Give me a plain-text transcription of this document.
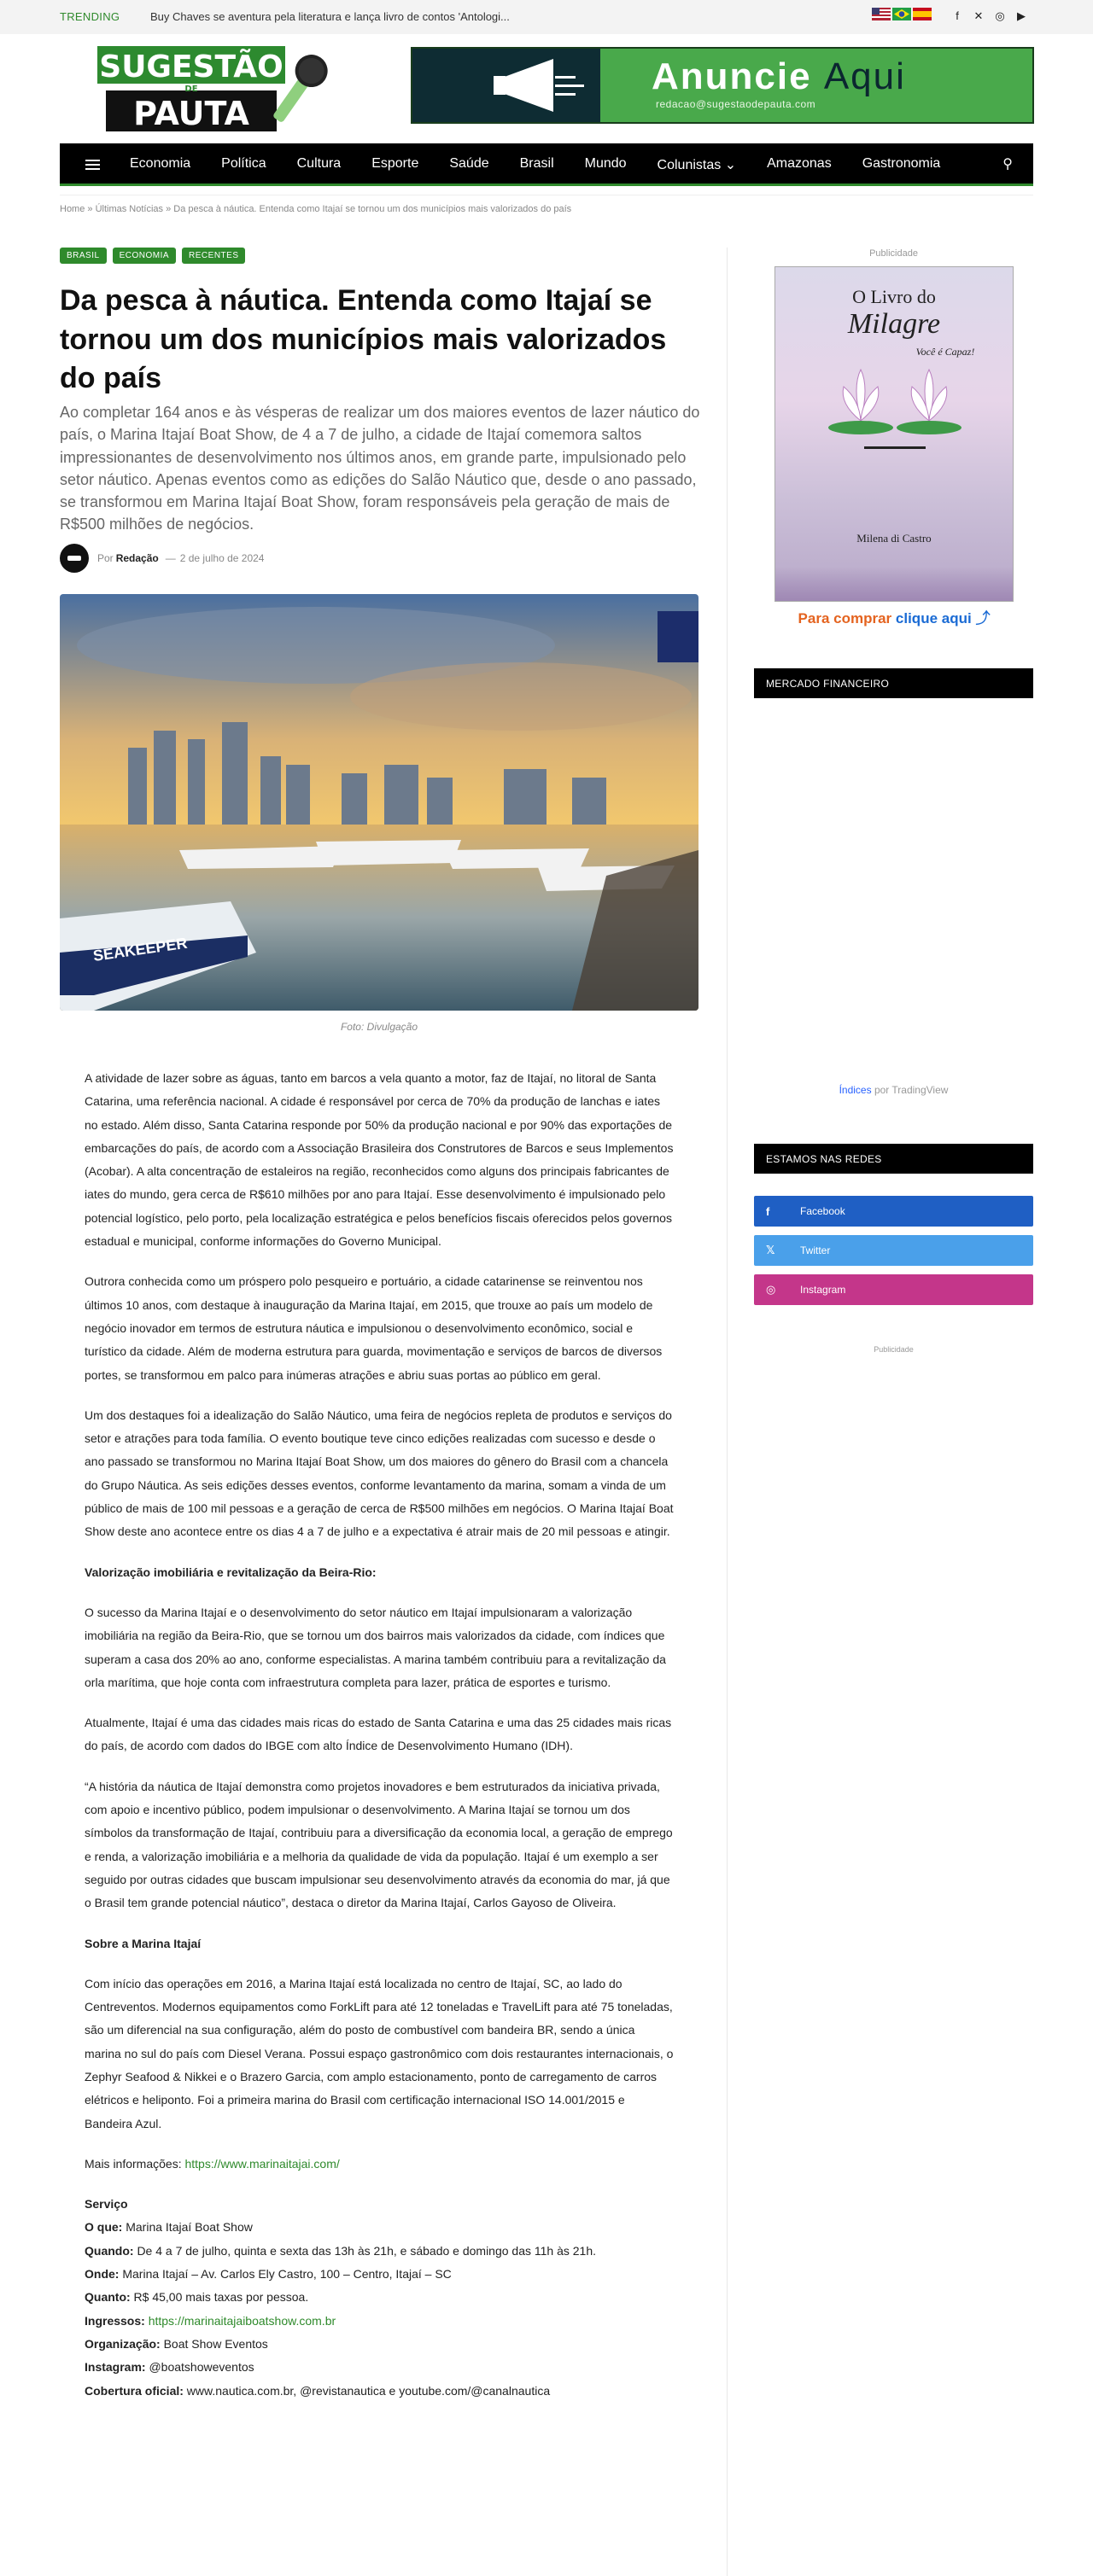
TRENDING	Buy Chaves se aventura pela literatura e lança livro de contos 'Antologi...	f	✕ ◎ ▶
SUGESTÃO
DE
PAUTA
Anuncie Aqui
redacao@sugestaodepauta.com
Economia Política Cultura Esporte Saúde Brasil Mundo Colunistas ⌄ Amazonas Gastronomia	⚲
Home » Últimas Notícias » Da pesca à náutica. Entenda como Itajaí se tornou um dos municípios mais valorizados do país
BRASIL	ECONOMIA	RECENTES
Da pesca à náutica. Entenda como Itajaí se tornou um dos municípios mais valorizados do país
Ao completar 164 anos e às vésperas de realizar um dos maiores eventos de lazer náutico do país, o Marina Itajaí Boat Show, de 4 a 7 de julho, a cidade de Itajaí comemora saltos impressionantes de desenvolvimento nos últimos anos, em grande parte, impulsionado pelo setor náutico. Apenas eventos como as edições do Salão Náutico que, desde o ano passado, se transformou em Marina Itajaí Boat Show, foram responsáveis pela geração de mais de R$500 milhões de negócios.
Por Redação — 2 de julho de 2024
SEAKEEPER
Foto: Divulgação

A atividade de lazer sobre as águas, tanto em barcos a vela quanto a motor, faz de Itajaí, no litoral de Santa Catarina, uma referência nacional. A cidade é responsável por cerca de 70% da produção de lanchas e iates no estado. Além disso, Santa Catarina responde por 50% da produção nacional e por 90% das exportações de embarcações do país, de acordo com a Associação Brasileira dos Construtores de Barcos e seus Implementos (Acobar). A alta concentração de estaleiros na região, reconhecidos como alguns dos principais fabricantes de iates do mundo, gera cerca de R$610 milhões por ano para Itajaí. Esse desenvolvimento é impulsionado pelo potencial logístico, pelo porto, pela localização estratégica e pelos benefícios fiscais oferecidos pelos governos estadual e municipal, conforme informações do Governo Municipal.

Outrora conhecida como um próspero polo pesqueiro e portuário, a cidade catarinense se reinventou nos últimos 10 anos, com destaque à inauguração da Marina Itajaí, em 2015, que trouxe ao país um modelo de negócio inovador em termos de estrutura náutica e impulsionou o desenvolvimento econômico, social e turístico da cidade. Além de moderna estrutura para guarda, movimentação e serviços de barcos de diversos portes, se transformou em palco para inúmeras atrações e abriu suas portas ao público em geral.

Um dos destaques foi a idealização do Salão Náutico, uma feira de negócios repleta de produtos e serviços do setor e atrações para toda família. O evento boutique teve cinco edições realizadas com sucesso e desde o ano passado se transformou no Marina Itajaí Boat Show, um dos maiores do gênero do Brasil com a chancela do Grupo Náutica. As seis edições desses eventos, conforme levantamento da marina, somam a vinda de um público de mais de 100 mil pessoas e a geração de cerca de R$500 milhões em negócios. O Marina Itajaí Boat Show deste ano acontece entre os dias 4 a 7 de julho e a expectativa é atrair mais de 20 mil pessoas e atingir.

Valorização imobiliária e revitalização da Beira-Rio:

O sucesso da Marina Itajaí e o desenvolvimento do setor náutico em Itajaí impulsionaram a valorização imobiliária na região da Beira-Rio, que se tornou um dos bairros mais valorizados da cidade, com índices que superam a casa dos 20% ao ano, conforme especialistas. A marina também contribuiu para a revitalização da orla marítima, que hoje conta com infraestrutura completa para lazer, prática de esportes e turismo.

Atualmente, Itajaí é uma das cidades mais ricas do estado de Santa Catarina e uma das 25 cidades mais ricas do país, de acordo com dados do IBGE com alto Índice de Desenvolvimento Humano (IDH).

“A história da náutica de Itajaí demonstra como projetos inovadores e bem estruturados da iniciativa privada, com apoio e incentivo público, podem impulsionar o desenvolvimento. A Marina Itajaí se tornou um dos símbolos da transformação de Itajaí, contribuiu para a diversificação da economia local, a geração de emprego e renda, a valorização imobiliária e a melhoria da qualidade de vida da população. Itajaí é um exemplo a ser seguido por outras cidades que buscam impulsionar seu desenvolvimento através da economia do mar, já que o Brasil tem grande potencial náutico”, destaca o diretor da Marina Itajaí, Carlos Gayoso de Oliveira.

Sobre a Marina Itajaí

Com início das operações em 2016, a Marina Itajaí está localizada no centro de Itajaí, SC, ao lado do Centreventos. Modernos equipamentos como ForkLift para até 12 toneladas e TravelLift para até 75 toneladas, são um diferencial na sua configuração, além do posto de combustível com bandeira BR, sendo a única marina no sul do país com Diesel Verana. Possui espaço gastronômico com dois restaurantes internacionais, o Zephyr Seafood & Nikkei e o Brazero Garcia, com amplo estacionamento, ponto de carregamento de carros elétricos e heliponto. Foi a primeira marina do Brasil com certificação internacional ISO 14.001/2015 e Bandeira Azul.

Mais informações: https://www.marinaitajai.com/

Serviço
O que: Marina Itajaí Boat Show
Quando: De 4 a 7 de julho, quinta e sexta das 13h às 21h, e sábado e domingo das 11h às 21h.
Onde: Marina Itajaí – Av. Carlos Ely Castro, 100 – Centro, Itajaí – SC
Quanto: R$ 45,00 mais taxas por pessoa.
Ingressos: https://marinaitajaiboatshow.com.br
Organização: Boat Show Eventos
Instagram: @boatshoweventos
Cobertura oficial: www.nautica.com.br, @revistanautica e youtube.com/@canalnautica
Publicidade
O Livro do
Milagre
Você é Capaz!
Milena di Castro
Para comprar clique aqui ⤴
MERCADO FINANCEIRO
Índices por TradingView
ESTAMOS NAS REDES
f	Facebook
𝕏	Twitter
◎	Instagram
Publicidade
